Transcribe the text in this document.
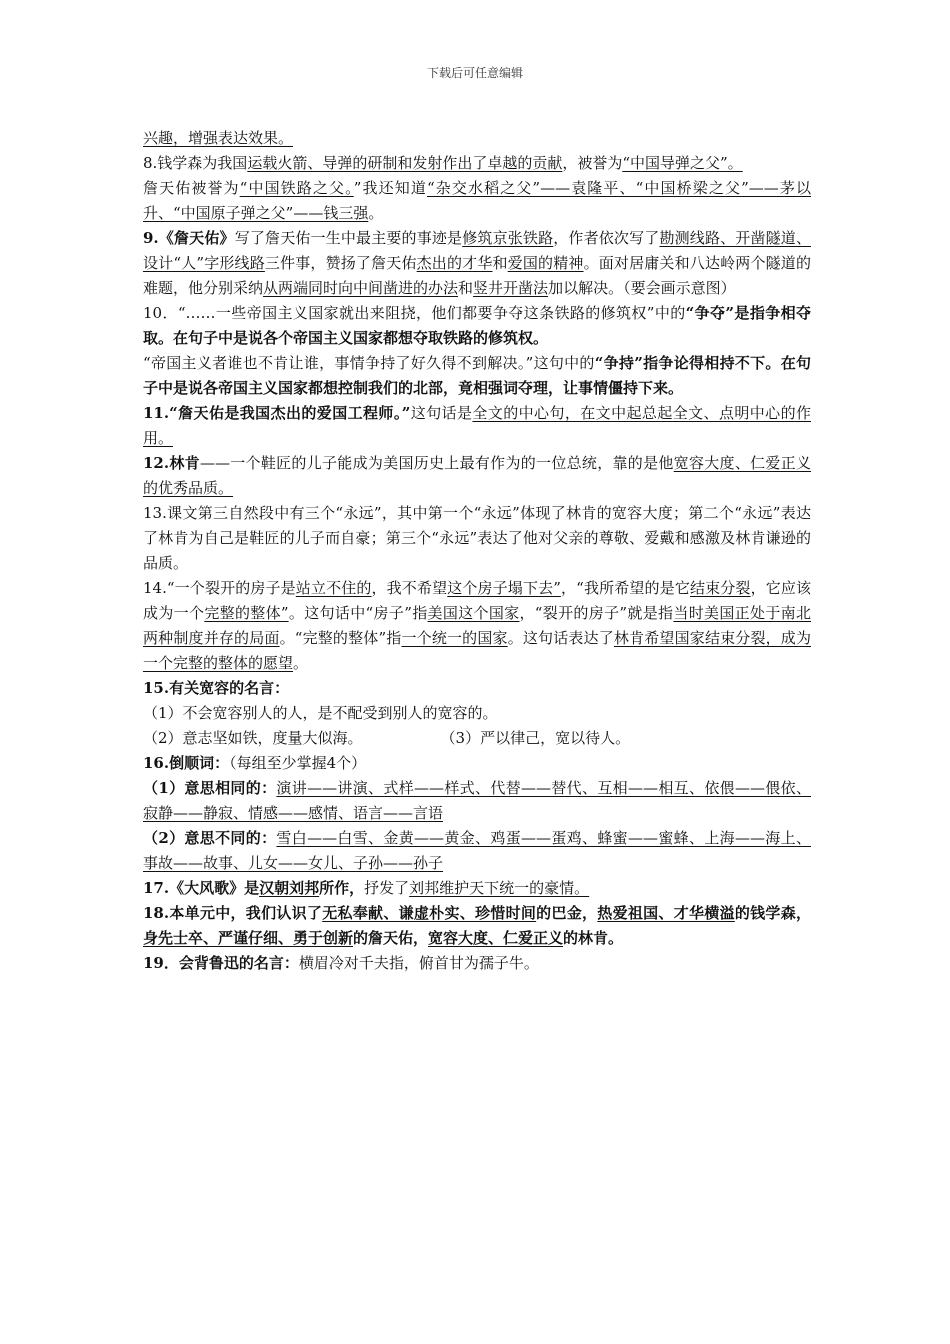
下载后可任意编辑

兴趣，增强表达效果。

8.钱学森为我国运载火箭、导弹的研制和发射作出了卓越的贡献，被誉为“中国导弹之父”。

詹天佑被誉为“中国铁路之父。”我还知道“杂交水稻之父”——袁隆平、“中国桥梁之父”——茅以升、“中国原子弹之父”——钱三强。

9.《詹天佑》写了詹天佑一生中最主要的事迹是修筑京张铁路，作者依次写了勘测线路、开凿隧道、设计“人”字形线路三件事，赞扬了詹天佑杰出的才华和爱国的精神。面对居庸关和八达岭两个隧道的难题，他分别采纳从两端同时向中间凿进的办法和竖井开凿法加以解决。（要会画示意图）

10．“……一些帝国主义国家就出来阻挠，他们都要争夺这条铁路的修筑权”中的“争夺”是指争相夺取。在句子中是说各个帝国主义国家都想夺取铁路的修筑权。

“帝国主义者谁也不肯让谁，事情争持了好久得不到解决。”这句中的“争持”指争论得相持不下。在句子中是说各帝国主义国家都想控制我们的北部，竟相强词夺理，让事情僵持下来。

11.“詹天佑是我国杰出的爱国工程师。”这句话是全文的中心句，在文中起总起全文、点明中心的作用。

12.林肯——一个鞋匠的儿子能成为美国历史上最有作为的一位总统，靠的是他宽容大度、仁爱正义的优秀品质。

13.课文第三自然段中有三个“永远”，其中第一个“永远”体现了林肯的宽容大度；第二个“永远”表达了林肯为自己是鞋匠的儿子而自豪；第三个“永远”表达了他对父亲的尊敬、爱戴和感激及林肯谦逊的品质。

14.“一个裂开的房子是站立不住的，我不希望这个房子塌下去”，“我所希望的是它结束分裂，它应该成为一个完整的整体”。这句话中“房子”指美国这个国家，“裂开的房子”就是指当时美国正处于南北两种制度并存的局面。“完整的整体”指一个统一的国家。这句话表达了林肯希望国家结束分裂，成为一个完整的整体的愿望。

15.有关宽容的名言：

（1）不会宽容别人的人，是不配受到别人的宽容的。

（2）意志坚如铁，度量大似海。	（3）严以律己，宽以待人。

16.倒顺词：（每组至少掌握4个）

（1）意思相同的：演讲——讲演、式样——样式、代替——替代、互相——相互、依偎——偎依、寂静——静寂、情感——感情、语言——言语

（2）意思不同的：雪白——白雪、金黄——黄金、鸡蛋——蛋鸡、蜂蜜——蜜蜂、上海——海上、事故——故事、儿女——女儿、子孙——孙子

17.《大风歌》是汉朝刘邦所作，抒发了刘邦维护天下统一的豪情。

18.本单元中，我们认识了无私奉献、谦虚朴实、珍惜时间的巴金，热爱祖国、才华横溢的钱学森，身先士卒、严谨仔细、勇于创新的詹天佑，宽容大度、仁爱正义的林肯。

19．会背鲁迅的名言：横眉冷对千夫指，俯首甘为孺子牛。
